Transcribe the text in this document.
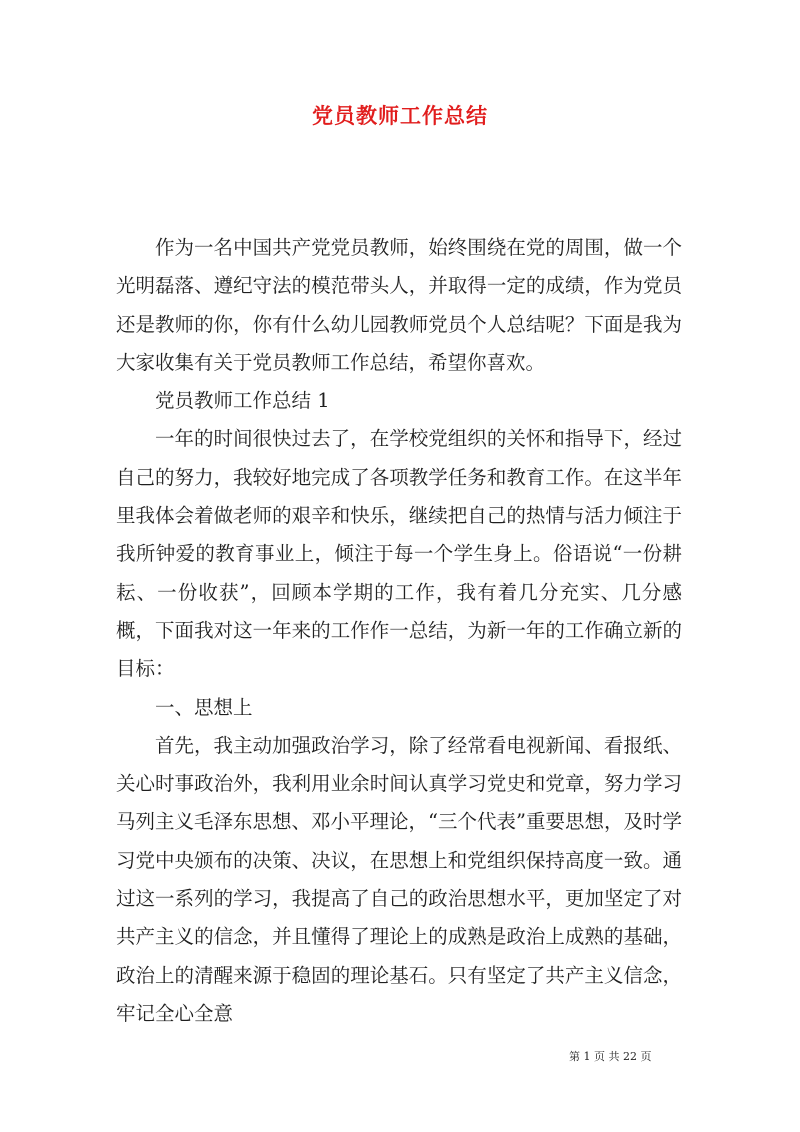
党员教师工作总结

作为一名中国共产党党员教师，始终围绕在党的周围，做一个光明磊落、遵纪守法的模范带头人，并取得一定的成绩，作为党员还是教师的你，你有什么幼儿园教师党员个人总结呢？下面是我为大家收集有关于党员教师工作总结，希望你喜欢。

党员教师工作总结 1

一年的时间很快过去了，在学校党组织的关怀和指导下，经过自己的努力，我较好地完成了各项教学任务和教育工作。在这半年里我体会着做老师的艰辛和快乐，继续把自己的热情与活力倾注于我所钟爱的教育事业上，倾注于每一个学生身上。俗语说“一份耕耘、一份收获”，回顾本学期的工作，我有着几分充实、几分感概，下面我对这一年来的工作作一总结，为新一年的工作确立新的目标：

一、思想上

首先，我主动加强政治学习，除了经常看电视新闻、看报纸、关心时事政治外，我利用业余时间认真学习党史和党章，努力学习马列主义毛泽东思想、邓小平理论，“三个代表”重要思想，及时学习党中央颁布的决策、决议，在思想上和党组织保持高度一致。通过这一系列的学习，我提高了自己的政治思想水平，更加坚定了对共产主义的信念，并且懂得了理论上的成熟是政治上成熟的基础，政治上的清醒来源于稳固的理论基石。只有坚定了共产主义信念，牢记全心全意

第 1 页 共 22 页
